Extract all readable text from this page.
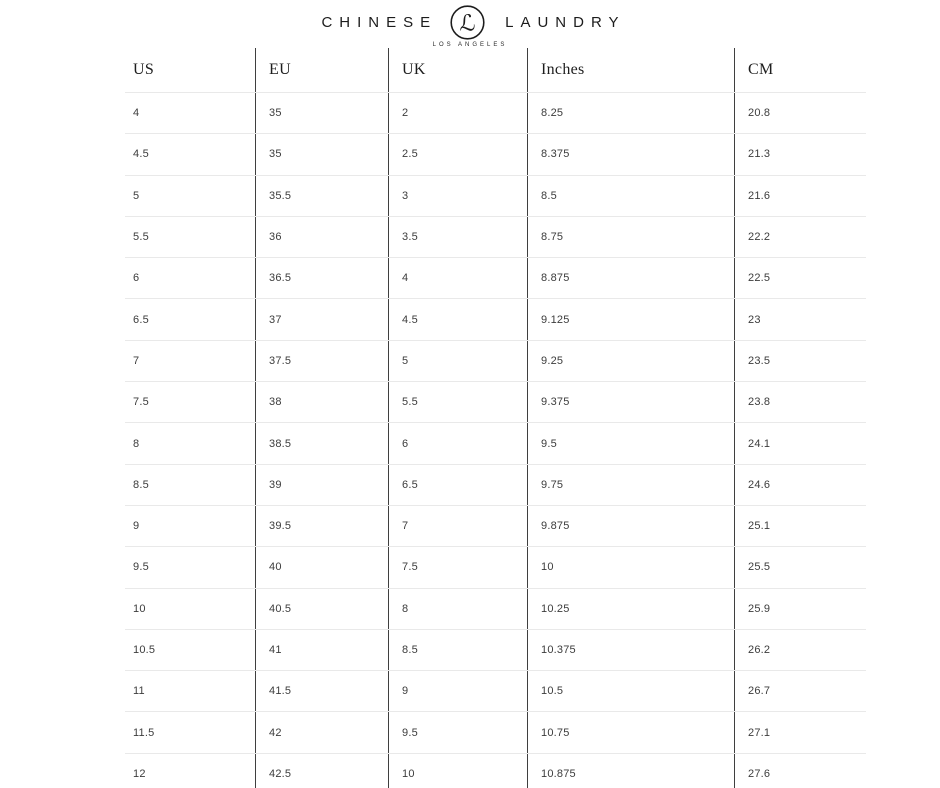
CHINESE ℒ	LAUNDRY
LOS ANGELES
US	EU	UK	Inches	CM
4	35	2	8.25	20.8
4.5	35	2.5	8.375	21.3
5	35.5	3	8.5	21.6
5.5	36	3.5	8.75	22.2
6	36.5	4	8.875	22.5
6.5	37	4.5	9.125	23
7	37.5	5	9.25	23.5
7.5	38	5.5	9.375	23.8
8	38.5	6	9.5	24.1
8.5	39	6.5	9.75	24.6
9	39.5	7	9.875	25.1
9.5	40	7.5	10	25.5
10	40.5	8	10.25	25.9
10.5	41	8.5	10.375	26.2
11	41.5	9	10.5	26.7
11.5	42	9.5	10.75	27.1
12	42.5	10	10.875	27.6
